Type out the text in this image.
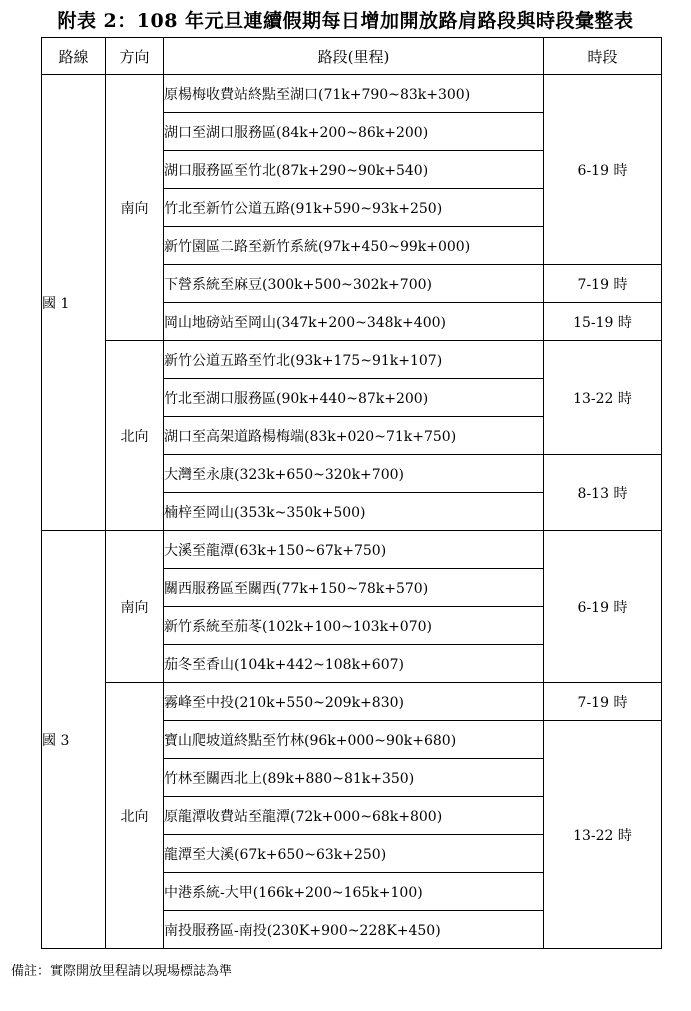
附表 2：108 年元旦連續假期每日增加開放路肩路段與時段彙整表
路線	方向	路段(里程)	時段
國 1	南向	原楊梅收費站終點至湖口(71k+790~83k+300)	6-19 時
		湖口至湖口服務區(84k+200~86k+200)	
		湖口服務區至竹北(87k+290~90k+540)	
		竹北至新竹公道五路(91k+590~93k+250)	
		新竹園區二路至新竹系統(97k+450~99k+000)	
		下營系統至麻豆(300k+500~302k+700)	7-19 時
		岡山地磅站至岡山(347k+200~348k+400)	15-19 時
	北向	新竹公道五路至竹北(93k+175~91k+107)	13-22 時
		竹北至湖口服務區(90k+440~87k+200)	
		湖口至高架道路楊梅端(83k+020~71k+750)	
		大灣至永康(323k+650~320k+700)	8-13 時
		楠梓至岡山(353k~350k+500)	
國 3	南向	大溪至龍潭(63k+150~67k+750)	6-19 時
		關西服務區至關西(77k+150~78k+570)	
		新竹系統至茄苳(102k+100~103k+070)	
		茄冬至香山(104k+442~108k+607)	
	北向	霧峰至中投(210k+550~209k+830)	7-19 時
		寶山爬坡道終點至竹林(96k+000~90k+680)	13-22 時
		竹林至關西北上(89k+880~81k+350)	
		原龍潭收費站至龍潭(72k+000~68k+800)	
		龍潭至大溪(67k+650~63k+250)	
		中港系統-大甲(166k+200~165k+100)	
		南投服務區-南投(230K+900~228K+450)	
備註：實際開放里程請以現場標誌為準
